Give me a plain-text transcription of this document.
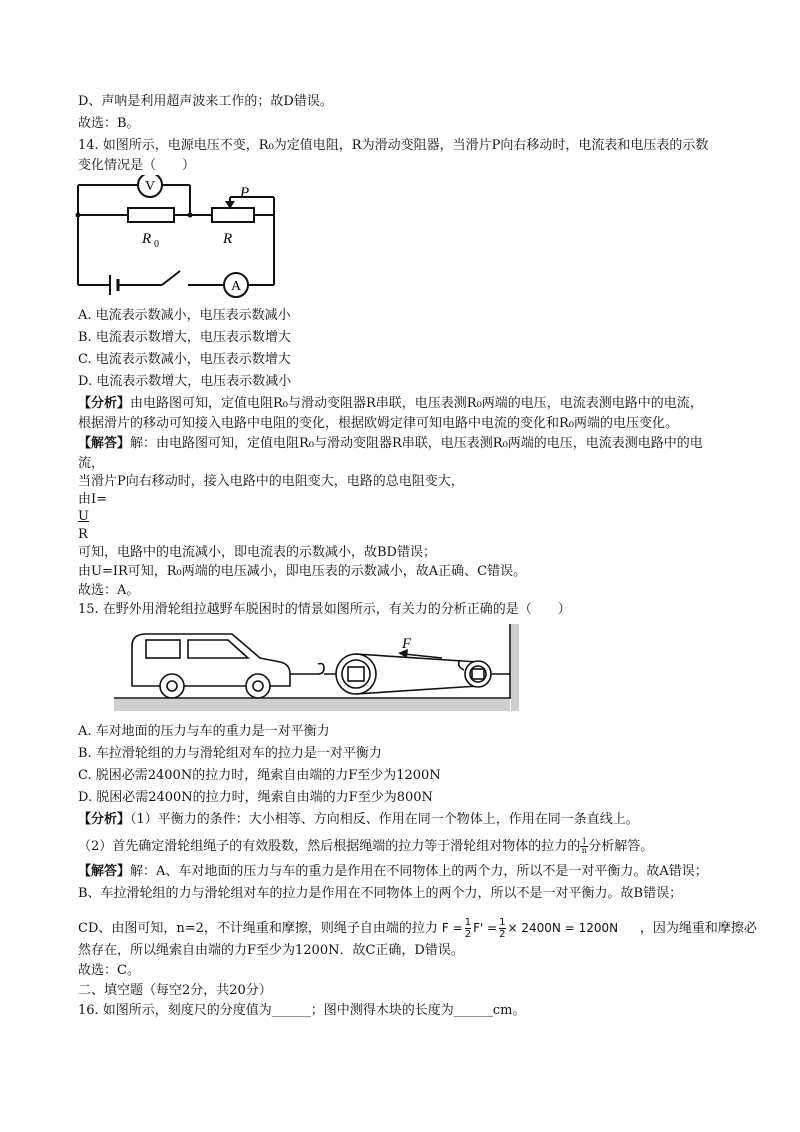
D、声呐是利用超声波来工作的；故D错误。
故选：B。
14. 如图所示，电源电压不变，R₀为定值电阻，R为滑动变阻器，当滑片P向右移动时，电流表和电压表的示数
变化情况是（　　）
V
A
R 0	R
P
A. 电流表示数减小，电压表示数减小
B. 电流表示数增大，电压表示数增大
C. 电流表示数减小，电压表示数增大
D. 电流表示数增大，电压表示数减小
【分析】由电路图可知，定值电阻R₀与滑动变阻器R串联，电压表测R₀两端的电压，电流表测电路中的电流，
根据滑片的移动可知接入电路中电阻的变化，根据欧姆定律可知电路中电流的变化和R₀两端的电压变化。
【解答】解：由电路图可知，定值电阻R₀与滑动变阻器R串联，电压表测R₀两端的电压，电流表测电路中的电
流，
当滑片P向右移动时，接入电路中的电阻变大，电路的总电阻变大，
由I=
U
R
可知，电路中的电流减小，即电流表的示数减小，故BD错误；
由U=IR可知，R₀两端的电压减小，即电压表的示数减小，故A正确、C错误。
故选：A。
15. 在野外用滑轮组拉越野车脱困时的情景如图所示，有关力的分析正确的是（　　）
F
A. 车对地面的压力与车的重力是一对平衡力
B. 车拉滑轮组的力与滑轮组对车的拉力是一对平衡力
C. 脱困必需2400N的拉力时，绳索自由端的力F至少为1200N
D. 脱困必需2400N的拉力时，绳索自由端的力F至少为800N
【分析】（1）平衡力的条件：大小相等、方向相反、作用在同一个物体上，作用在同一条直线上。
（2）首先确定滑轮组绳子的有效股数，然后根据绳端的拉力等于滑轮组对物体的拉力的 $\frac{1}{n}$ 分析解答。
【解答】解：A、车对地面的压力与车的重力是作用在不同物体上的两个力，所以不是一对平衡力。故A错误；
B、车拉滑轮组的力与滑轮组对车的拉力是作用在不同物体上的两个力，所以不是一对平衡力。故B错误；
CD、由图可知，n=2，不计绳重和摩擦，则绳子自由端的拉力 $F = \frac{1}{2} F' = \frac{1}{2} \times 2400N = 1200N$ ，因为绳重和摩擦必
然存在，所以绳索自由端的力F至少为1200N．故C正确，D错误。
故选：C。
二、填空题（每空2分，共20分）
16. 如图所示，刻度尺的分度值为______；图中测得木块的长度为______cm。
